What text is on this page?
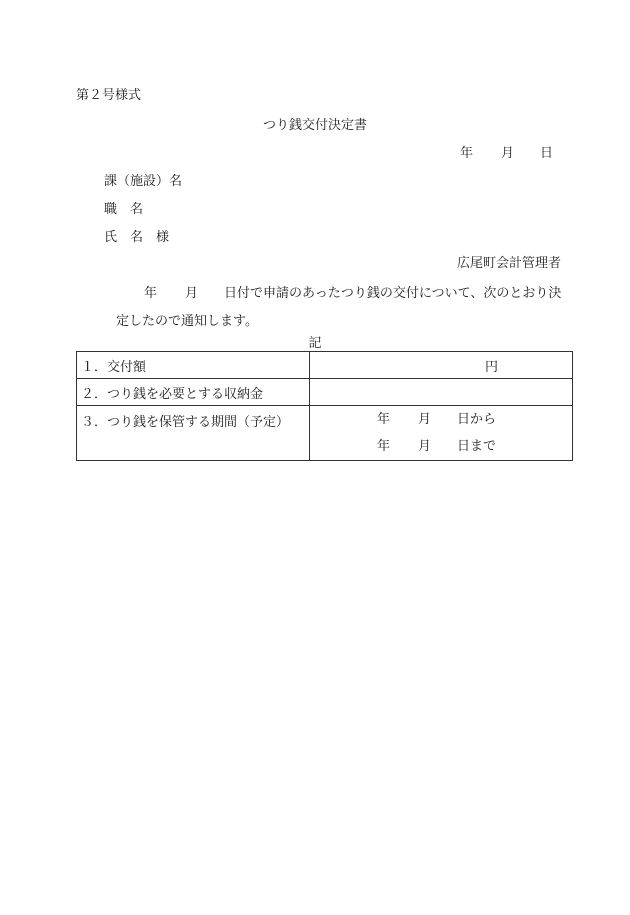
第２号様式
つり銭交付決定書
年 月 日
課（施設）名
職　名
氏　名　様
広尾町会計管理者
年 月 日付で申請のあったつり銭の交付について、次のとおり決
定したので通知します。
記
１．交付額	円
２．つり銭を必要とする収納金	
３．つり銭を保管する期間（予定）	年 月 日から
年 月 日まで
